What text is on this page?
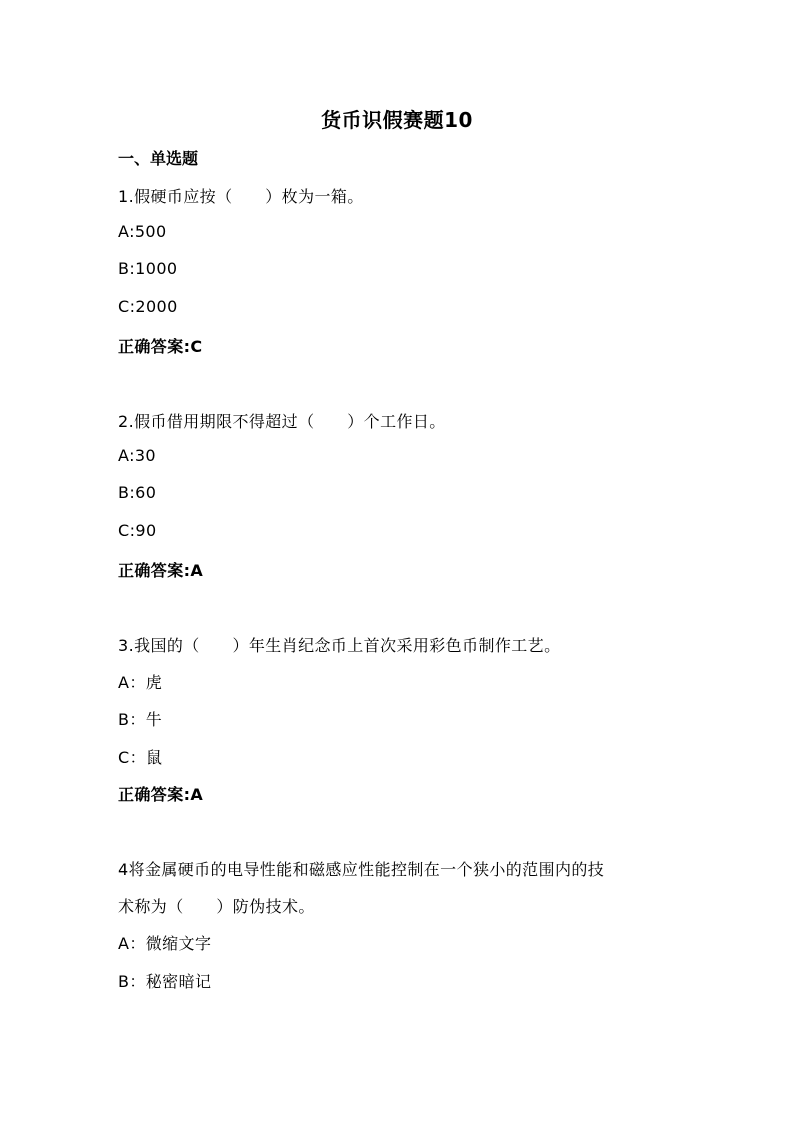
货币识假赛题10
一、单选题
1.假硬币应按（　　）枚为一箱。
A:500
B:1000
C:2000
正确答案:C
2.假币借用期限不得超过（　　）个工作日。
A:30
B:60
C:90
正确答案:A
3.我国的（　　）年生肖纪念币上首次采用彩色币制作工艺。
A：虎
B：牛
C：鼠
正确答案:A
4将金属硬币的电导性能和磁感应性能控制在一个狭小的范围内的技
术称为（　　）防伪技术。
A：微缩文字
B：秘密暗记
